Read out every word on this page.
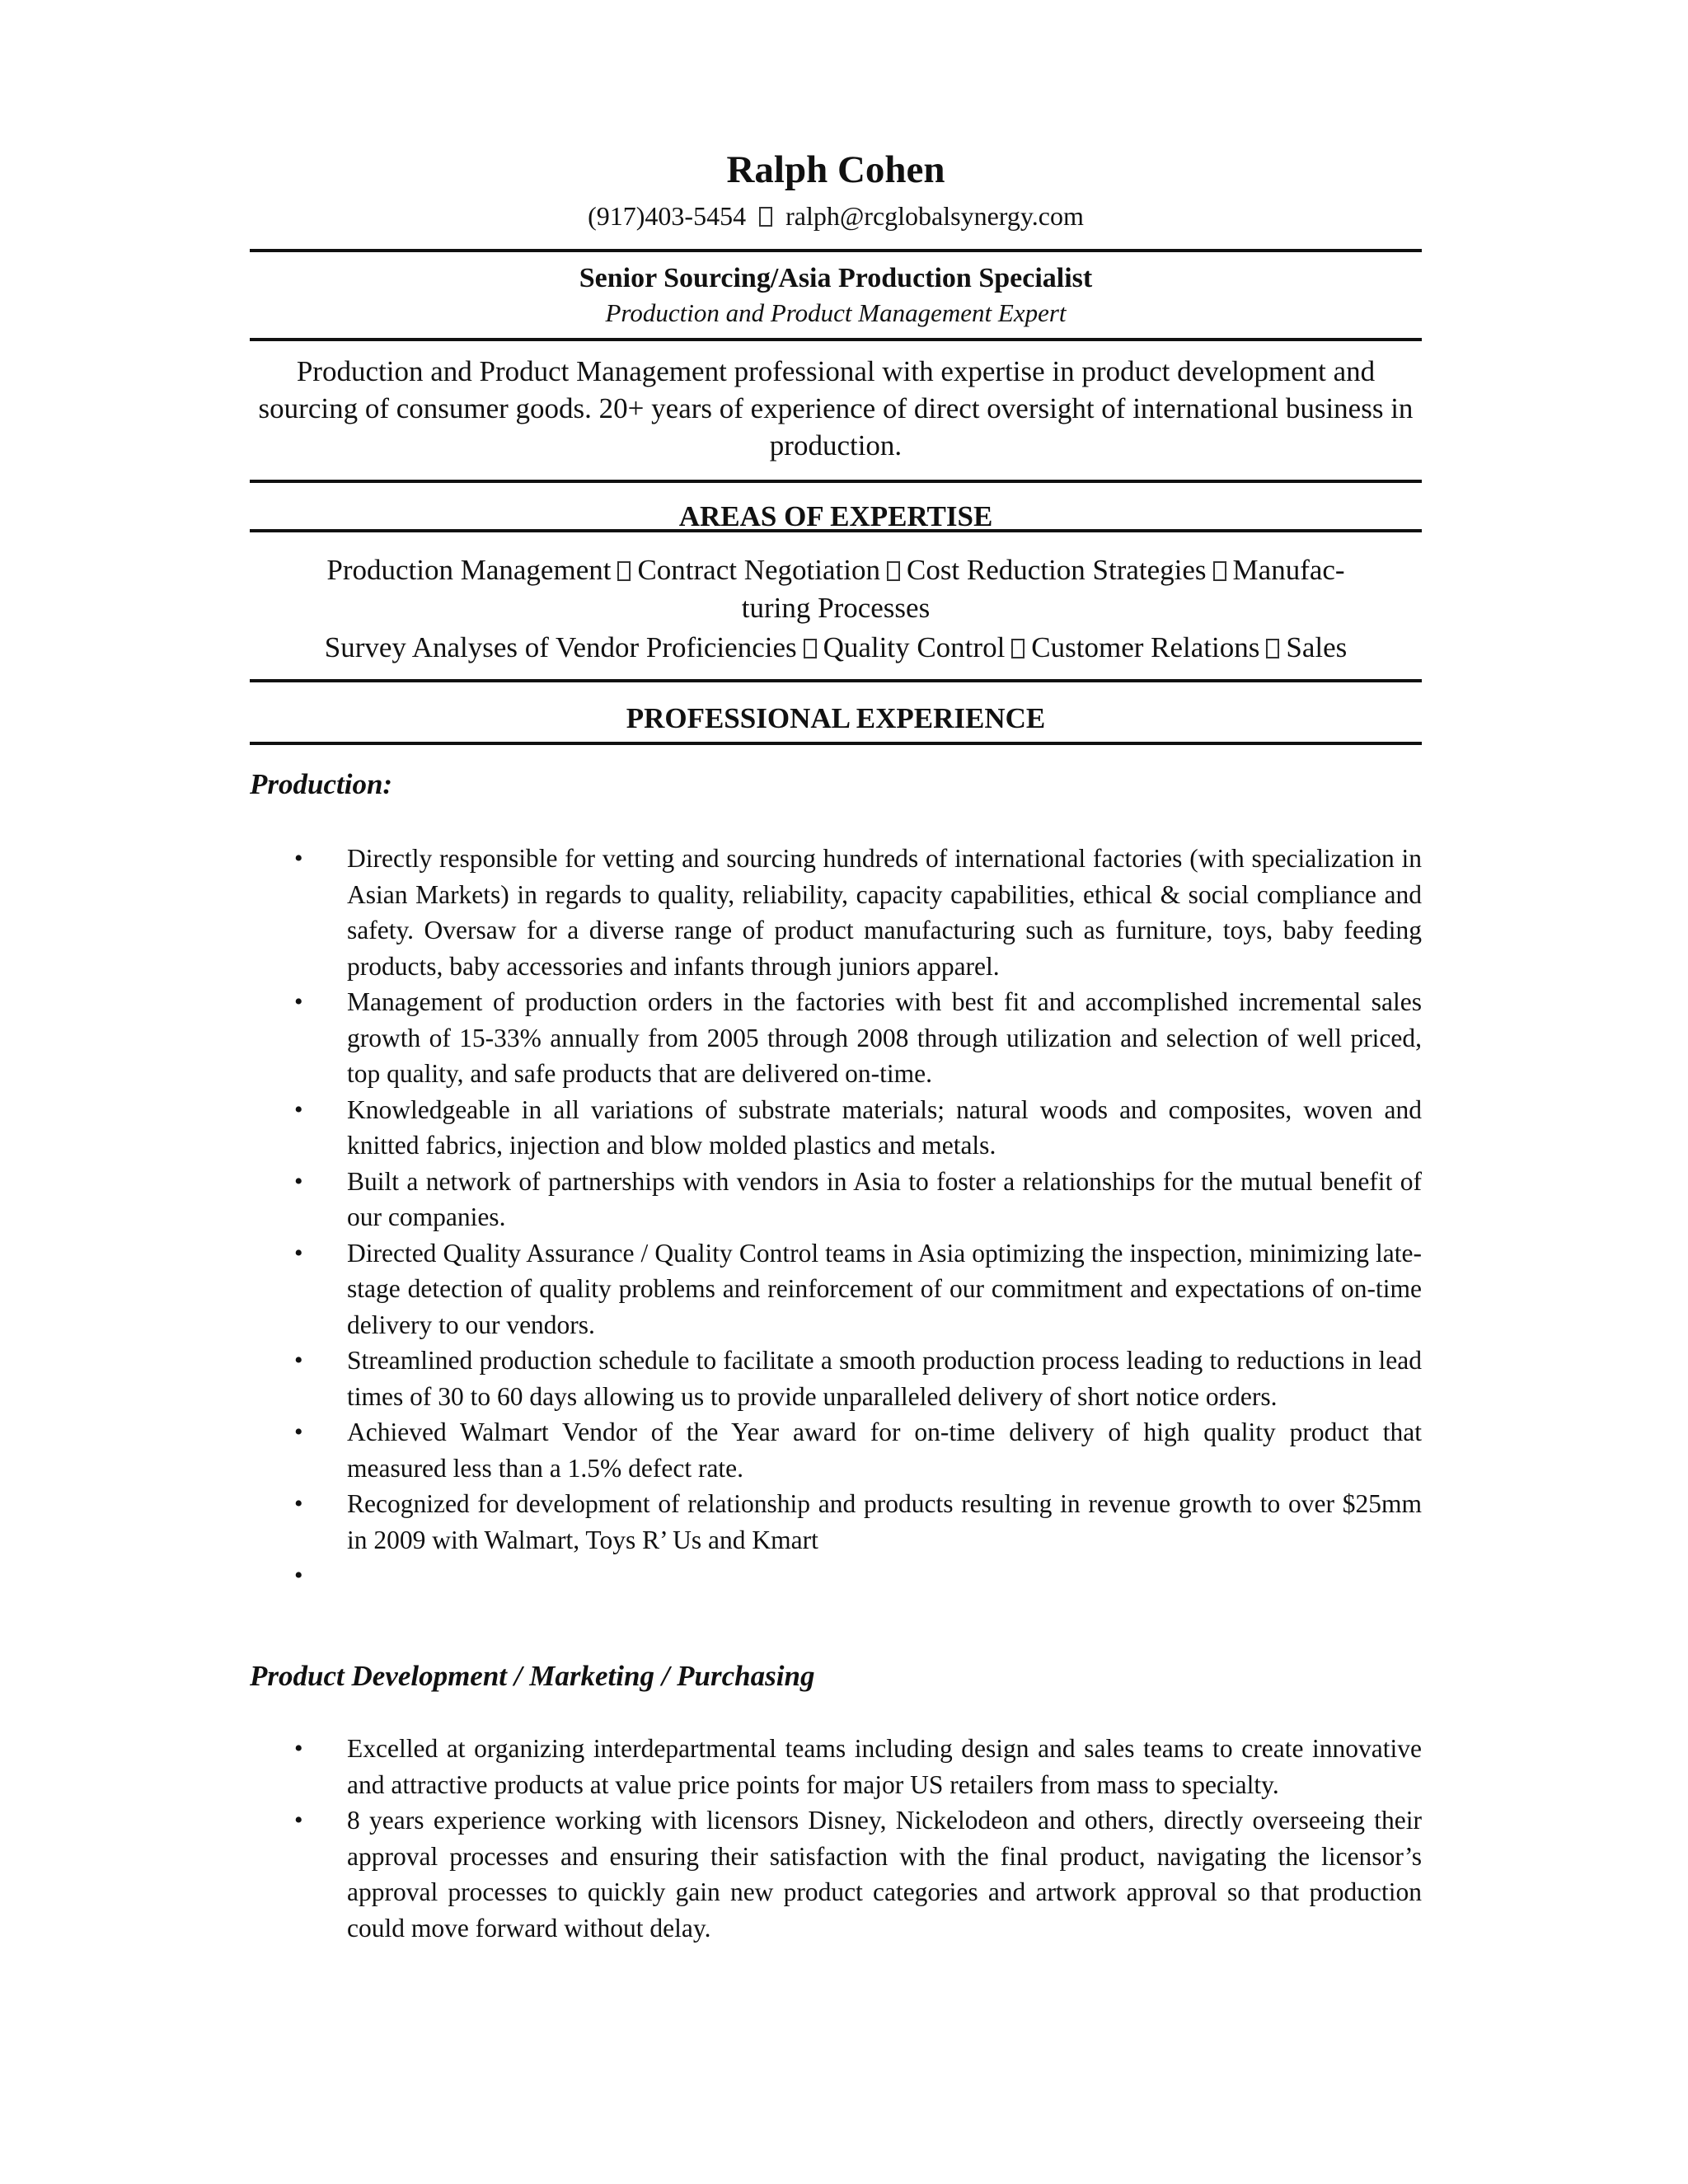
Ralph Cohen
(917)403-5454 ralph@rcglobalsynergy.com
Senior Sourcing/Asia Production Specialist
Production and Product Management Expert
Production and Product Management professional with expertise in product development and sourcing of consumer goods. 20+ years of experience of direct oversight of international business in production.
AREAS OF EXPERTISE
Production Management Contract Negotiation Cost Reduction Strategies Manufac-
turing Processes
Survey Analyses of Vendor Proficiencies Quality Control Customer Relations Sales
PROFESSIONAL EXPERIENCE
Production:
• Directly responsible for vetting and sourcing hundreds of international factories (with specialization in Asian Markets) in regards to quality, reliability, capacity capabilities, ethical & social compliance and safety. Oversaw for a diverse range of product manufacturing such as furniture, toys, baby feeding products, baby accessories and infants through juniors apparel.
• Management of production orders in the factories with best fit and accomplished incremental sales growth of 15-33% annually from 2005 through 2008 through utilization and selection of well priced, top quality, and safe products that are delivered on-time.
• Knowledgeable in all variations of substrate materials; natural woods and composites, woven and knitted fabrics, injection and blow molded plastics and metals.
• Built a network of partnerships with vendors in Asia to foster a relationships for the mutual benefit of our companies.
• Directed Quality Assurance / Quality Control teams in Asia optimizing the inspection, minimizing late-stage detection of quality problems and reinforcement of our commitment and expectations of on-time delivery to our vendors.
• Streamlined production schedule to facilitate a smooth production process leading to reductions in lead times of 30 to 60 days allowing us to provide unparalleled delivery of short notice orders.
• Achieved Walmart Vendor of the Year award for on-time delivery of high quality product that measured less than a 1.5% defect rate.
• Recognized for development of relationship and products resulting in revenue growth to over $25mm in 2009 with Walmart, Toys R’ Us and Kmart
•
Product Development / Marketing / Purchasing
• Excelled at organizing interdepartmental teams including design and sales teams to create innovative and attractive products at value price points for major US retailers from mass to specialty.
• 8 years experience working with licensors Disney, Nickelodeon and others, directly overseeing their approval processes and ensuring their satisfaction with the final product, navigating the licensor’s approval processes to quickly gain new product categories and artwork approval so that production could move forward without delay.
